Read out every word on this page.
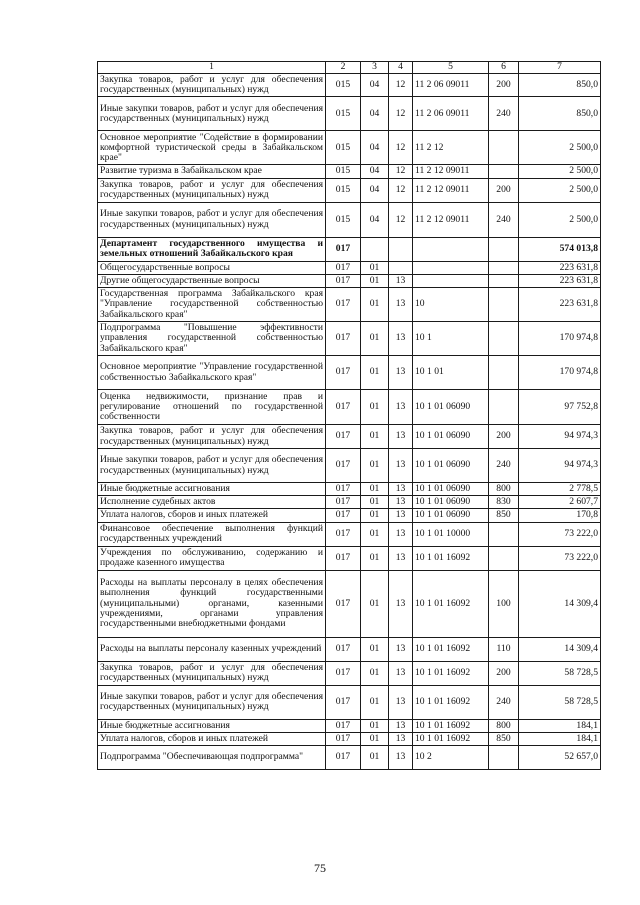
1	2	3	4	5	6	7
Закупка товаров, работ и услуг для обеспечения государственных (муниципальных) нужд	015	04	12	11 2 06 09011	200	850,0
Иные закупки товаров, работ и услуг для обеспечения государственных (муниципальных) нужд	015	04	12	11 2 06 09011	240	850,0
Основное мероприятие "Содействие в формировании комфортной туристической среды в Забайкальском крае"	015	04	12	11 2 12		2 500,0
Развитие туризма в Забайкальском крае	015	04	12	11 2 12 09011		2 500,0
Закупка товаров, работ и услуг для обеспечения государственных (муниципальных) нужд	015	04	12	11 2 12 09011	200	2 500,0
Иные закупки товаров, работ и услуг для обеспечения государственных (муниципальных) нужд	015	04	12	11 2 12 09011	240	2 500,0
Департамент государственного имущества и земельных отношений Забайкальского края	017					574 013,8
Общегосударственные вопросы	017	01				223 631,8
Другие общегосударственные вопросы	017	01	13			223 631,8
Государственная программа Забайкальского края "Управление государственной собственностью Забайкальского края"	017	01	13	10		223 631,8
Подпрограмма "Повышение эффективности управления государственной собственностью Забайкальского края"	017	01	13	10 1		170 974,8
Основное мероприятие "Управление государственной собственностью Забайкальского края"	017	01	13	10 1 01		170 974,8
Оценка недвижимости, признание прав и регулирование отношений по государственной собственности	017	01	13	10 1 01 06090		97 752,8
Закупка товаров, работ и услуг для обеспечения государственных (муниципальных) нужд	017	01	13	10 1 01 06090	200	94 974,3
Иные закупки товаров, работ и услуг для обеспечения государственных (муниципальных) нужд	017	01	13	10 1 01 06090	240	94 974,3
Иные бюджетные ассигнования	017	01	13	10 1 01 06090	800	2 778,5
Исполнение судебных актов	017	01	13	10 1 01 06090	830	2 607,7
Уплата налогов, сборов и иных платежей	017	01	13	10 1 01 06090	850	170,8
Финансовое обеспечение выполнения функций государственных учреждений	017	01	13	10 1 01 10000		73 222,0
Учреждения по обслуживанию, содержанию и продаже казенного имущества	017	01	13	10 1 01 16092		73 222,0
Расходы на выплаты персоналу в целях обеспечения выполнения функций государственными (муниципальными) органами, казенными учреждениями, органами управления государственными внебюджетными фондами	017	01	13	10 1 01 16092	100	14 309,4
Расходы на выплаты персоналу казенных учреждений	017	01	13	10 1 01 16092	110	14 309,4
Закупка товаров, работ и услуг для обеспечения государственных (муниципальных) нужд	017	01	13	10 1 01 16092	200	58 728,5
Иные закупки товаров, работ и услуг для обеспечения государственных (муниципальных) нужд	017	01	13	10 1 01 16092	240	58 728,5
Иные бюджетные ассигнования	017	01	13	10 1 01 16092	800	184,1
Уплата налогов, сборов и иных платежей	017	01	13	10 1 01 16092	850	184,1
Подпрограмма "Обеспечивающая подпрограмма"	017	01	13	10 2		52 657,0
75
